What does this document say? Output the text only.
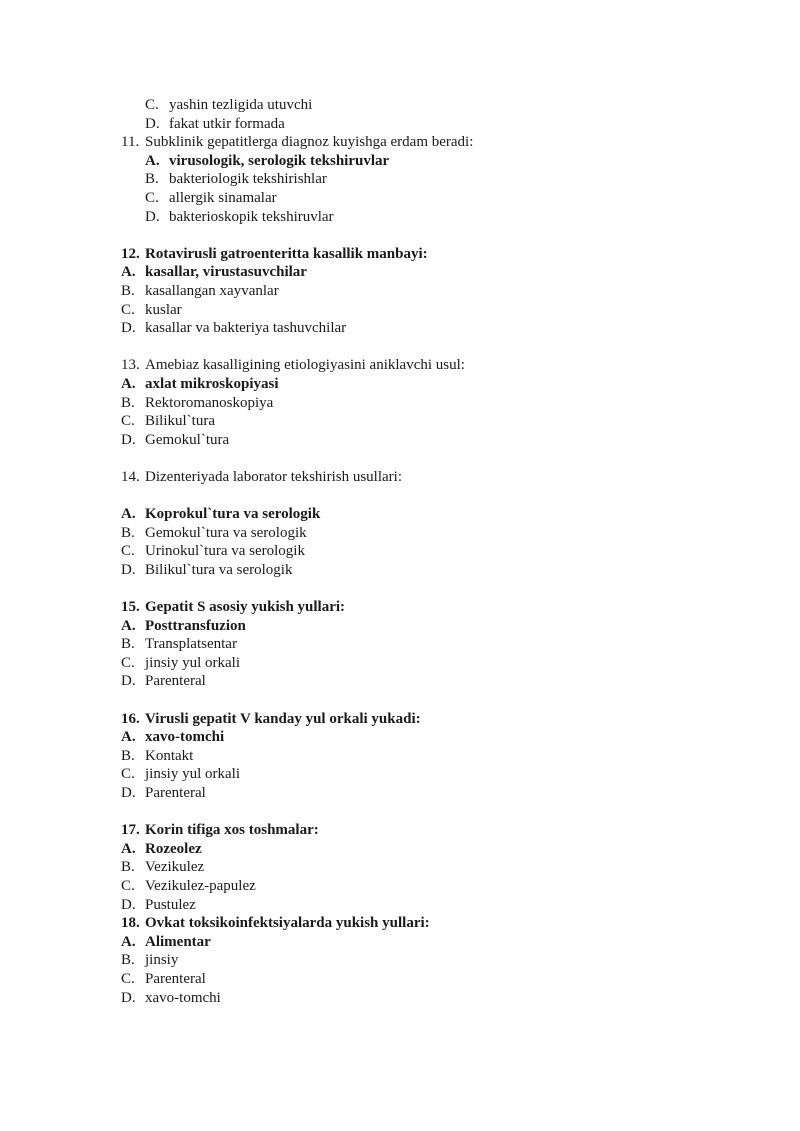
C. yashin tezligida utuvchi
D. fakat utkir formada
11. Subklinik gepatitlerga diagnoz kuyishga erdam beradi:
A. virusologik, serologik tekshiruvlar
B. bakteriologik tekshirishlar
C. allergik sinamalar
D. bakterioskopik tekshiruvlar
12. Rotavirusli gatroenteritta kasallik manbayi:
A. kasallar, virustasuvchilar
B. kasallangan xayvanlar
C. kuslar
D. kasallar va bakteriya tashuvchilar
13. Amebiaz kasalligining etiologiyasini aniklavchi usul:
A. axlat mikroskopiyasi
B. Rektoromanoskopiya
C. Bilikul`tura
D. Gemokul`tura
14. Dizenteriyada laborator tekshirish usullari:
A. Koprokul`tura va serologik
B. Gemokul`tura va serologik
C. Urinokul`tura va serologik
D. Bilikul`tura va serologik
15. Gepatit S asosiy yukish yullari:
A. Posttransfuzion
B. Transplatsentar
C. jinsiy yul orkali
D. Parenteral
16. Virusli gepatit V kanday yul orkali yukadi:
A. xavo-tomchi
B. Kontakt
C. jinsiy yul orkali
D. Parenteral
17. Korin tifiga xos toshmalar:
A. Rozeolez
B. Vezikulez
C. Vezikulez-papulez
D. Pustulez
18. Ovkat toksikoinfektsiyalarda yukish yullari:
A. Alimentar
B. jinsiy
C. Parenteral
D. xavo-tomchi
